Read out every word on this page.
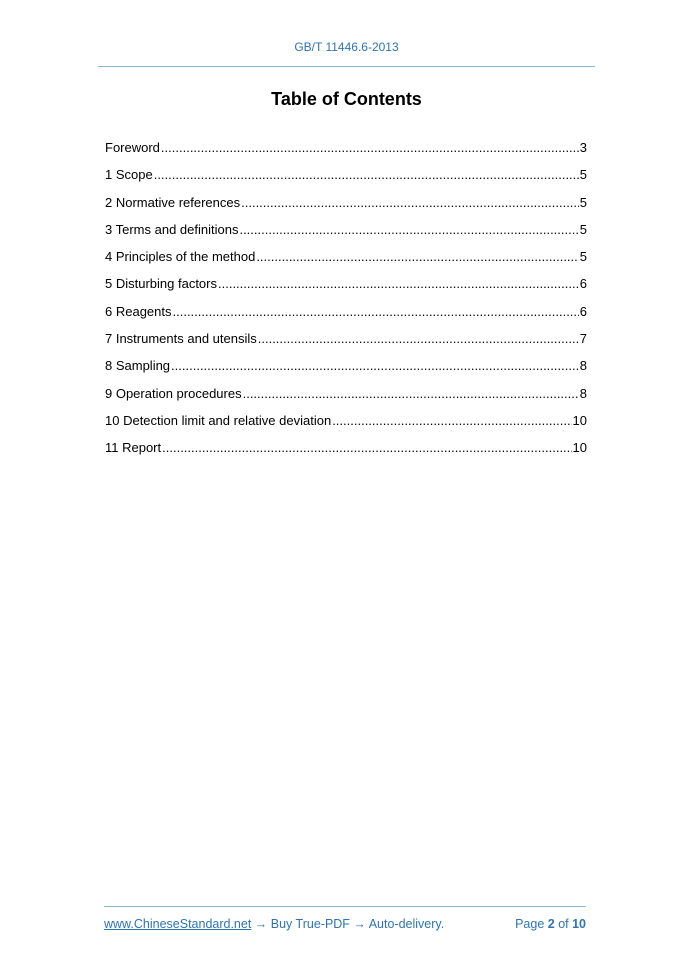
GB/T 11446.6-2013
Table of Contents
Foreword .....	3
1 Scope .....	5
2 Normative references .....	5
3 Terms and definitions .....	5
4 Principles of the method .....	5
5 Disturbing factors .....	6
6 Reagents .....	6
7 Instruments and utensils .....	7
8 Sampling .....	8
9 Operation procedures .....	8
10 Detection limit and relative deviation .....	10
11 Report .....	10
www.ChineseStandard.net → Buy True-PDF → Auto-delivery.	Page 2 of 10
